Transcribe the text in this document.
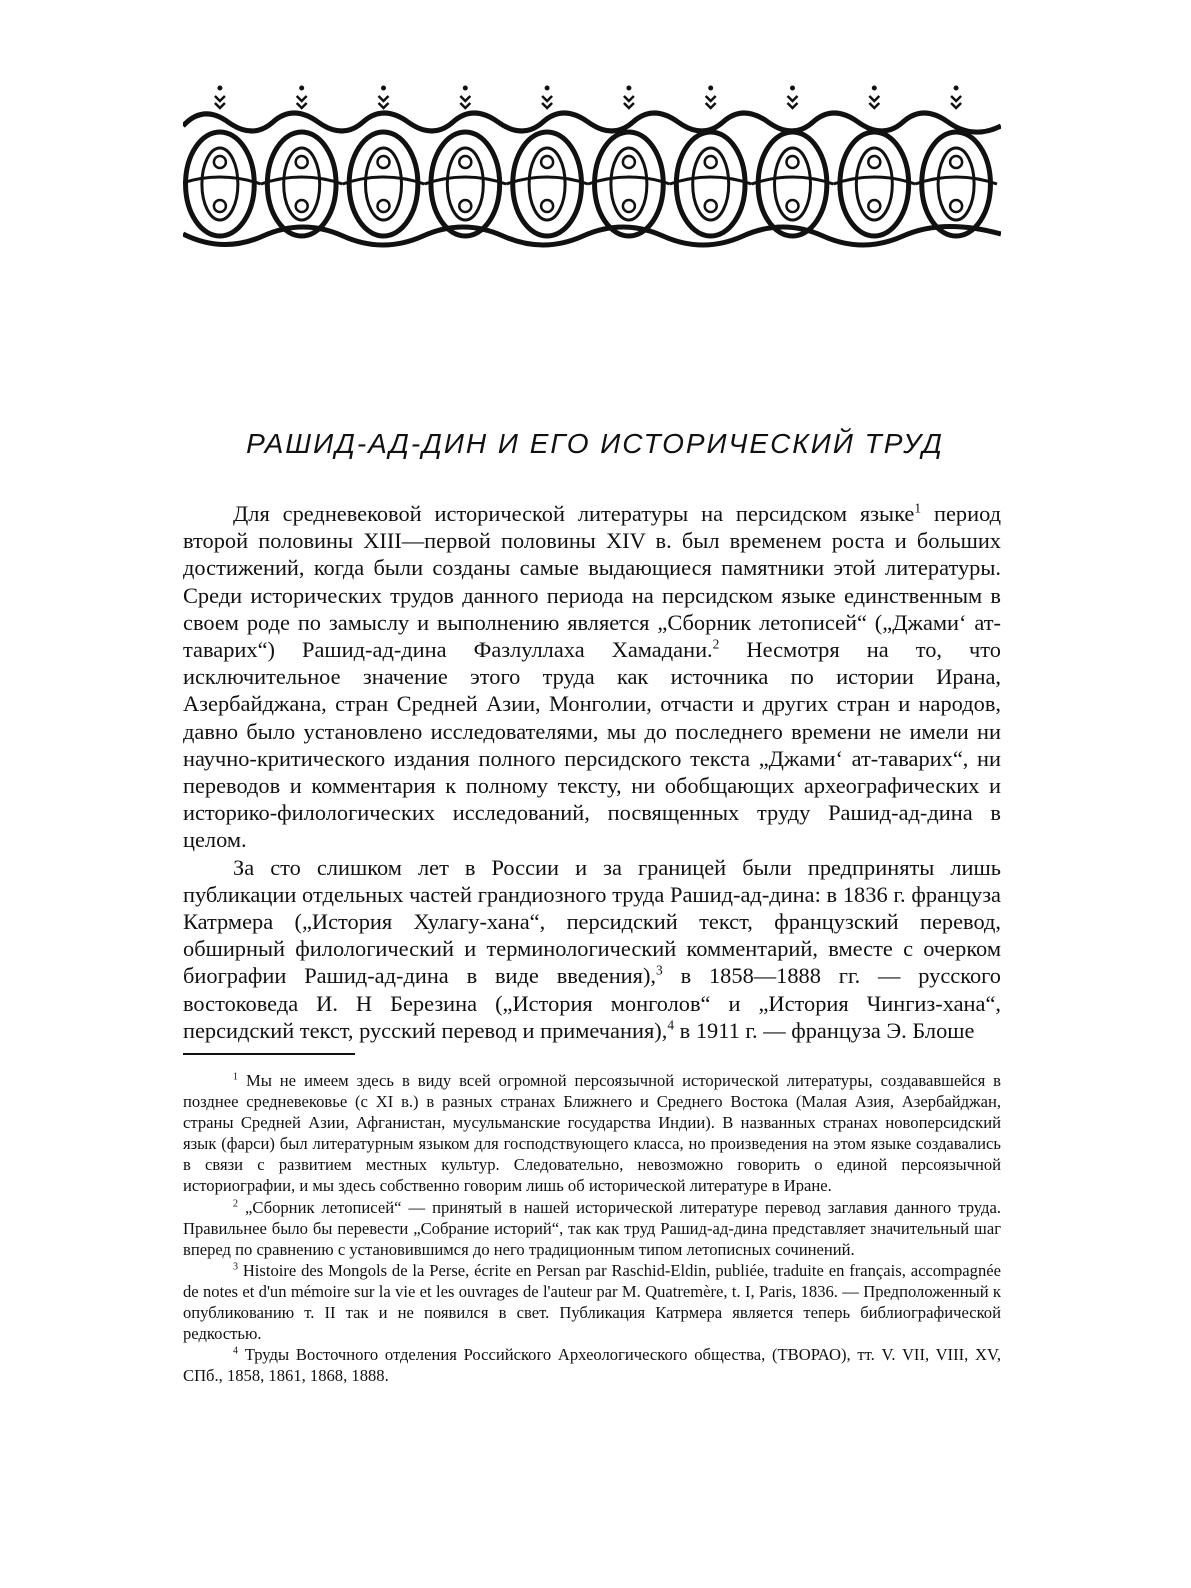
РАШИД-АД-ДИН И ЕГО ИСТОРИЧЕСКИЙ ТРУД

Для средневековой исторической литературы на персидском языке$^1$ период второй половины XIII—первой половины XIV в. был временем роста и больших достижений, когда были созданы самые выдающиеся памятники этой литературы. Среди исторических трудов данного периода на персидском языке единственным в своем роде по замыслу и выполнению является „Сборник летописей“ („Джами‘ ат-таварих“) Рашид-ад-дина Фазлуллаха Хамадани.$^2$ Несмотря на то, что исключительное значение этого труда как источника по истории Ирана, Азербайджана, стран Средней Азии, Монголии, отчасти и других стран и народов, давно было установлено исследователями, мы до последнего времени не имели ни научно-критического издания полного персидского текста „Джами‘ ат-таварих“, ни переводов и комментария к полному тексту, ни обобщающих археографических и историко-филологических исследований, посвященных труду Рашид-ад-дина в целом.

За сто слишком лет в России и за границей были предприняты лишь публикации отдельных частей грандиозного труда Рашид-ад-дина: в 1836 г. француза Катрмера („История Хулагу-хана“, персидский текст, французский перевод, обширный филологический и терминологический комментарий, вместе с очерком биографии Рашид-ад-дина в виде введения),$^3$ в 1858—1888 гг. — русского востоковеда И. Н Березина („История монголов“ и „История Чингиз-хана“, персидский текст, русский перевод и примечания),$^4$ в 1911 г. — француза Э. Блоше

$^1$ Мы не имеем здесь в виду всей огромной персоязычной исторической литературы, создававшейся в позднее средневековье (с XI в.) в разных странах Ближнего и Среднего Востока (Малая Азия, Азербайджан, страны Средней Азии, Афганистан, мусульманские государства Индии). В названных странах новоперсидский язык (фарси) был литературным языком для господствующего класса, но произведения на этом языке создавались в связи с развитием местных культур. Следовательно, невозможно говорить о единой персоязычной историографии, и мы здесь собственно говорим лишь об исторической литературе в Иране.

$^2$ „Сборник летописей“ — принятый в нашей исторической литературе перевод заглавия данного труда. Правильнее было бы перевести „Собрание историй“, так как труд Рашид-ад-дина представляет значительный шаг вперед по сравнению с установившимся до него традиционным типом летописных сочинений.

$^3$ Histoire des Mongols de la Perse, écrite en Persan par Raschid-Eldin, publiée, traduite en français, accompagnée de notes et d'un mémoire sur la vie et les ouvrages de l'auteur par M. Quatremère, t. I, Paris, 1836. — Предположенный к опубликованию т. II так и не появился в свет. Публикация Катрмера является теперь библиографической редкостью.

$^4$ Труды Восточного отделения Российского Археологического общества, (ТВОРАО), тт. V. VII, VIII, XV, СПб., 1858, 1861, 1868, 1888.
